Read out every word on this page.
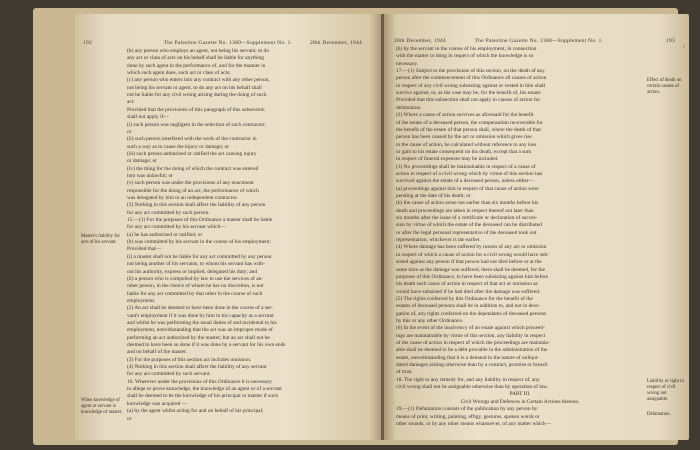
192	The Palestine Gazette No. 1380—Supplement No. 1.	28th December, 1944
Master's liability for acts of his servant.
When knowledge of agent or servant is knowledge of master.
(b) any person who employs an agent, not being his servant, to do
any act or class of acts on his behalf shall be liable for anything
done by such agent in the performance of, and for the manner in
which such agent does, such act or class of acts;
(c) any person who enters into any contract with any other person,
not being his servant or agent, to do any act on his behalf shall
not be liable for any civil wrong arising during the doing of such
act:
Provided that the provisions of this paragraph of this subsection
shall not apply if—
(i) such person was negligent in the selection of such contractor;
or
(ii) such person interfered with the work of the contractor in
such a way as to cause the injury or damage; or
(iii) such person authorized or ratified the act causing injury
or damage; or
(iv) the thing for the doing of which the contract was entered
into was unlawful; or
(v) such person was under the provisions of any enactment
responsible for the doing of an act, the performance of which
was delegated by him to an independent contractor.
(3) Nothing in this section shall affect the liability of any person
for any act committed by such person.
15.—(1) For the purposes of this Ordinance a master shall be liable
for any act committed by his servant which—
(a) he has authorized or ratified; or
(b) was committed by his servant in the course of his employment:
Provided that—
(i) a master shall not be liable for any act committed by any person
not being another of his servants, to whom his servant has with-
out his authority, express or implied, delegated his duty; and
(ii) a person who is compelled by law to use the services of an-
other person, in the choice of whom he has no discretion, is not
liable for any act committed by that other in the course of such
employment.
(2) An act shall be deemed to have been done in the course of a ser-
vant's employment if it was done by him in his capacity as a servant
and whilst he was performing the usual duties of and incidental to his
employment, notwithstanding that the act was an improper mode of
performing an act authorized by the master; but an act shall not be
deemed to have been so done if it was done by a servant for his own ends
and on behalf of the master.
(3) For the purposes of this section act includes omission.
(4) Nothing in this section shall affect the liability of any servant
for any act committed by such servant.
16. Wherever under the provisions of this Ordinance it is necessary
to allege or prove knowledge, the knowledge of an agent or of a servant
shall be deemed to be the knowledge of his principal or master if such
knowledge was acquired —
(a) by the agent whilst acting for and on behalf of his principal;
or
28th December, 1944	The Palestine Gazette No. 1380—Supplement No. 1.	193
Effect of death on certain causes of action.
Liability or right in respect of civil wrong not assignable.
Defamation.
✓
(b) by the servant in the course of his employment, in connection
with the matter or thing in respect of which the knowledge is so
necessary.
17.—(1) Subject to the provisions of this section, on the death of any
person after the commencement of this Ordinance all causes of action
in respect of any civil wrong subsisting against or vested in him shall
survive against, or, as the case may be, for the benefit of, his estate:
Provided that this subsection shall not apply to causes of action for
defamation.
(2) Where a cause of action survives as aforesaid for the benefit
of the estate of a deceased person, the compensation recoverable for
the benefit of the estate of that person shall, where the death of that
person has been caused by the act or omission which gives rise
to the cause of action, be calculated without reference to any loss
or gain to his estate consequent on his death, except that a sum
in respect of funeral expenses may be included.
(3) No proceedings shall be maintainable in respect of a cause of
action in respect of a civil wrong which by virtue of this section has
survived against the estate of a deceased person, unless either—
(a) proceedings against him in respect of that cause of action were
pending at the date of his death; or
(b) the cause of action arose not earlier than six months before his
death and proceedings are taken in respect thereof not later than
six months after the issue of a certificate or declaration of succes-
sion by virtue of which the estate of the deceased can be distributed
or after the legal personal representative of the deceased took out
representation, whichever is the earlier.
(4) Where damage has been suffered by reason of any act or omission
in respect of which a cause of action for a civil wrong would have sub-
sisted against any person if that person had not died before or at the
same time as the damage was suffered, there shall be deemed, for the
purposes of this Ordinance, to have been subsisting against him before
his death such cause of action in respect of that act or omission as
would have subsisted if he had died after the damage was suffered.
(5) The rights conferred by this Ordinance for the benefit of the
estates of deceased persons shall be in addition to, and not in dero-
gation of, any rights conferred on the dependants of deceased persons
by this or any other Ordinance.
(6) In the event of the insolvency of an estate against which proceed-
ings are maintainable by virtue of this section, any liability in respect
of the cause of action in respect of which the proceedings are maintain-
able shall be deemed to be a debt provable in the administration of the
estate, notwithstanding that it is a demand in the nature of unliqui-
dated damages arising otherwise than by a contract, promise or breach
of trust.
18. The right to any remedy for, and any liability in respect of, any
civil wrong shall not be assignable otherwise than by operation of law.
PART III.
Civil Wrongs and Defences in Certain Actions thereon.
19.—(1) Defamation consists of the publication by any person by
means of print, writing, painting, effigy, gestures, spoken words or
other sounds, or by any other means whatsoever, of any matter which—
